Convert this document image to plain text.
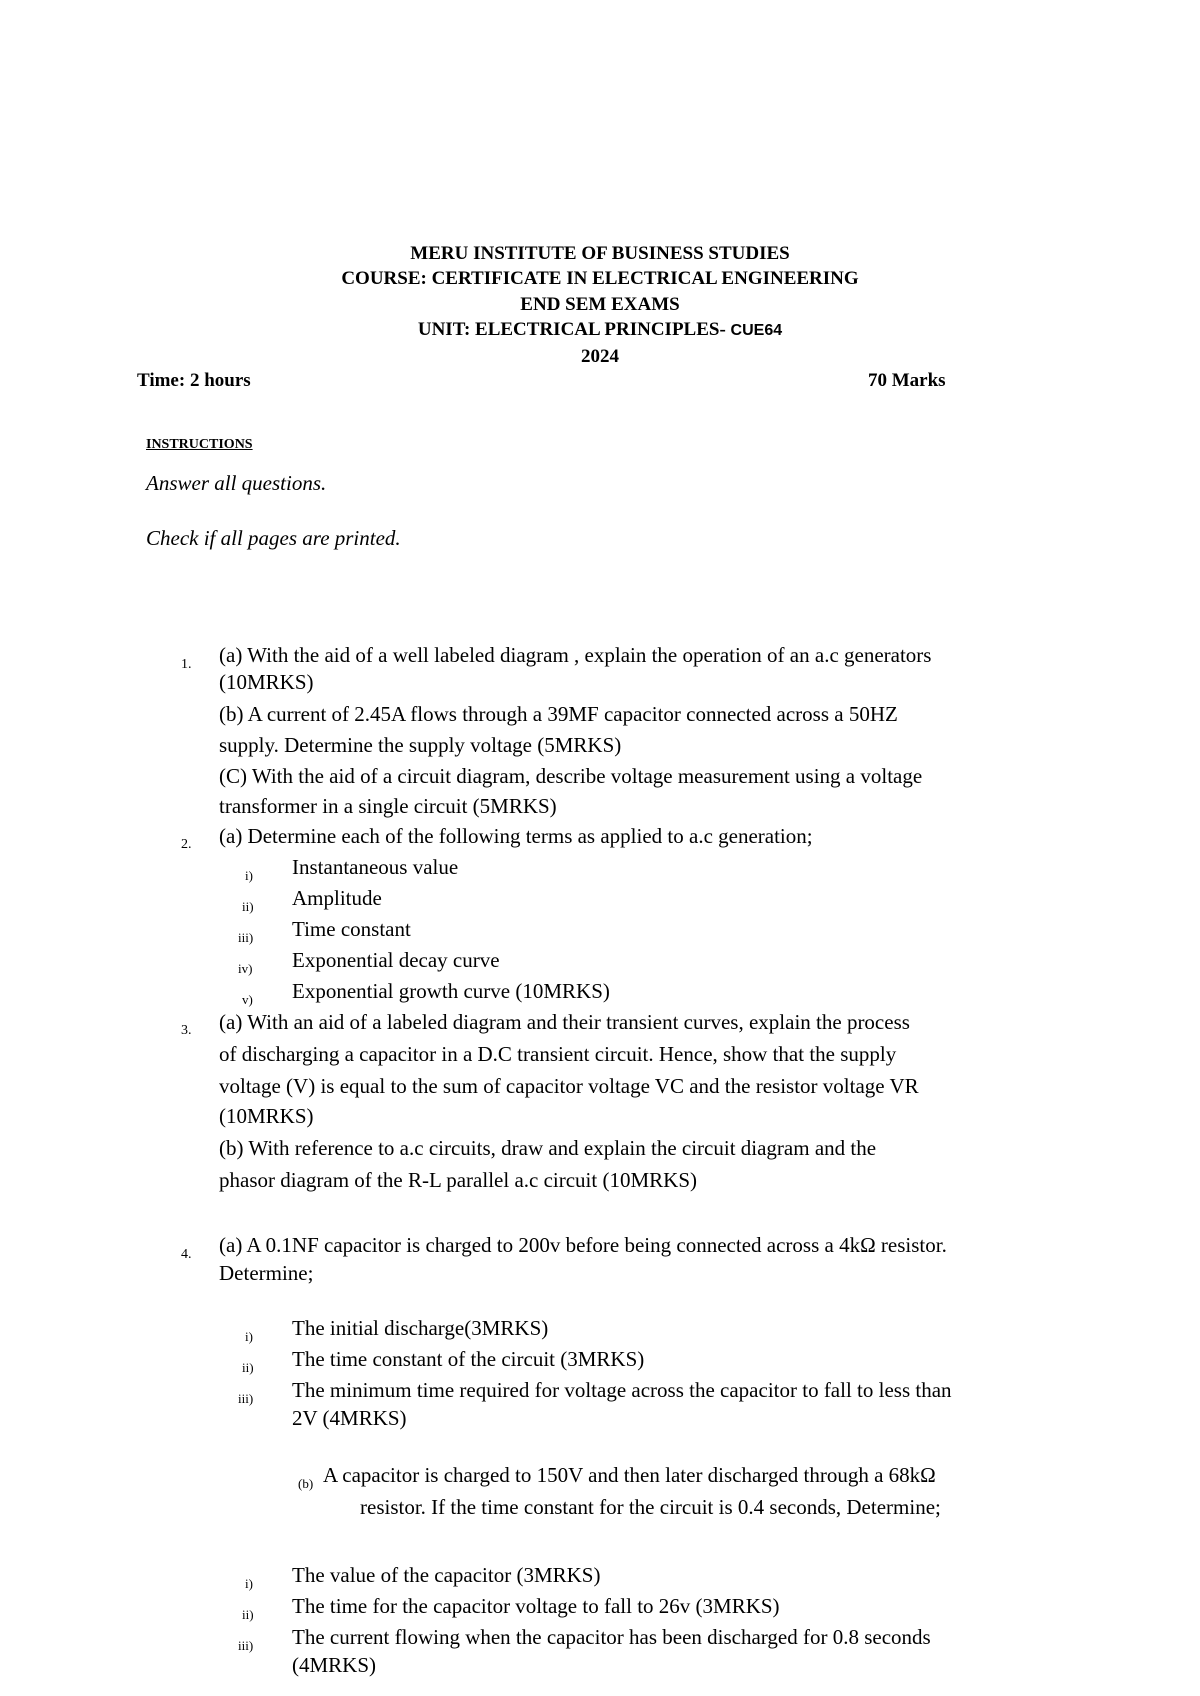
MERU INSTITUTE OF BUSINESS STUDIES
COURSE: CERTIFICATE IN ELECTRICAL ENGINEERING
END SEM EXAMS
UNIT: ELECTRICAL PRINCIPLES- CUE64
2024
Time: 2 hours	70 Marks
INSTRUCTIONS
Answer all questions.
Check if all pages are printed.
1. (a) With the aid of a well labeled diagram , explain the operation of an a.c generators
(10MRKS)
(b) A current of 2.45A flows through a 39MF capacitor connected across a 50HZ
supply. Determine the supply voltage (5MRKS)
(C) With the aid of a circuit diagram, describe voltage measurement using a voltage
transformer in a single circuit (5MRKS)
2. (a) Determine each of the following terms as applied to a.c generation;
i) Instantaneous value
ii) Amplitude
iii) Time constant
iv) Exponential decay curve
v) Exponential growth curve (10MRKS)
3. (a) With an aid of a labeled diagram and their transient curves, explain the process
of discharging a capacitor in a D.C transient circuit. Hence, show that the supply
voltage (V) is equal to the sum of capacitor voltage VC and the resistor voltage VR
(10MRKS)
(b) With reference to a.c circuits, draw and explain the circuit diagram and the
phasor diagram of the R-L parallel a.c circuit (10MRKS)
4. (a) A 0.1NF capacitor is charged to 200v before being connected across a 4kΩ resistor.
Determine;
i) The initial discharge(3MRKS)
ii) The time constant of the circuit (3MRKS)
iii) The minimum time required for voltage across the capacitor to fall to less than
2V (4MRKS)
(b) A capacitor is charged to 150V and then later discharged through a 68kΩ
resistor. If the time constant for the circuit is 0.4 seconds, Determine;
i) The value of the capacitor (3MRKS)
ii) The time for the capacitor voltage to fall to 26v (3MRKS)
iii) The current flowing when the capacitor has been discharged for 0.8 seconds
(4MRKS)
